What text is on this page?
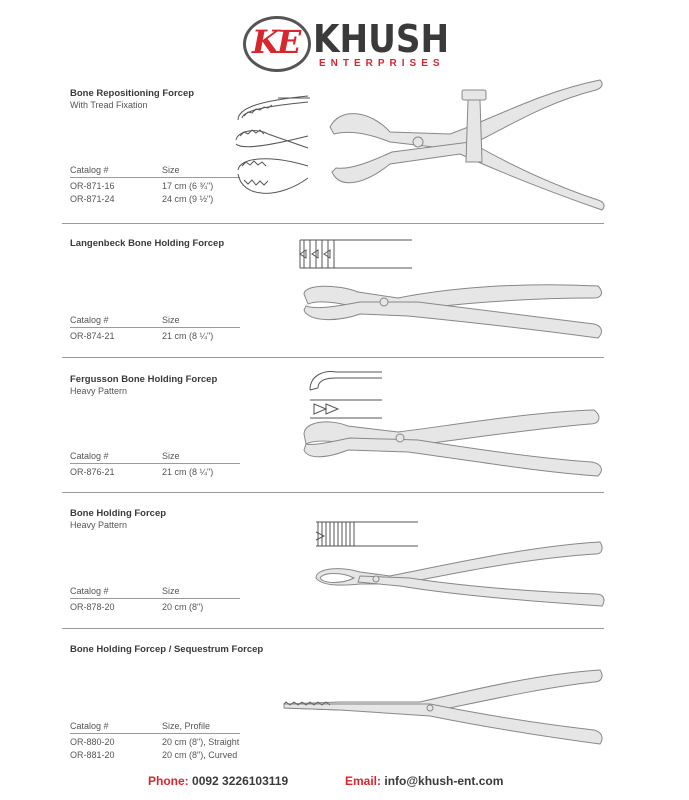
KE KHUSH
ENTERPRISES
Bone Repositioning Forcep
With Tread Fixation
Catalog #	Size
OR-871-16	17 cm (6 ¾")
OR-871-24	24 cm (9 ½")
Langenbeck Bone Holding Forcep
Catalog #	Size
OR-874-21	21 cm (8 ¼")
Fergusson Bone Holding Forcep
Heavy Pattern
Catalog #	Size
OR-876-21	21 cm (8 ¼")
Bone Holding Forcep
Heavy Pattern
Catalog #	Size
OR-878-20	20 cm (8")
Bone Holding Forcep / Sequestrum Forcep
Catalog #	Size, Profile
OR-880-20	20 cm (8"), Straight
OR-881-20	20 cm (8"), Curved
Phone: 0092 3226103119	Email: info@khush-ent.com
